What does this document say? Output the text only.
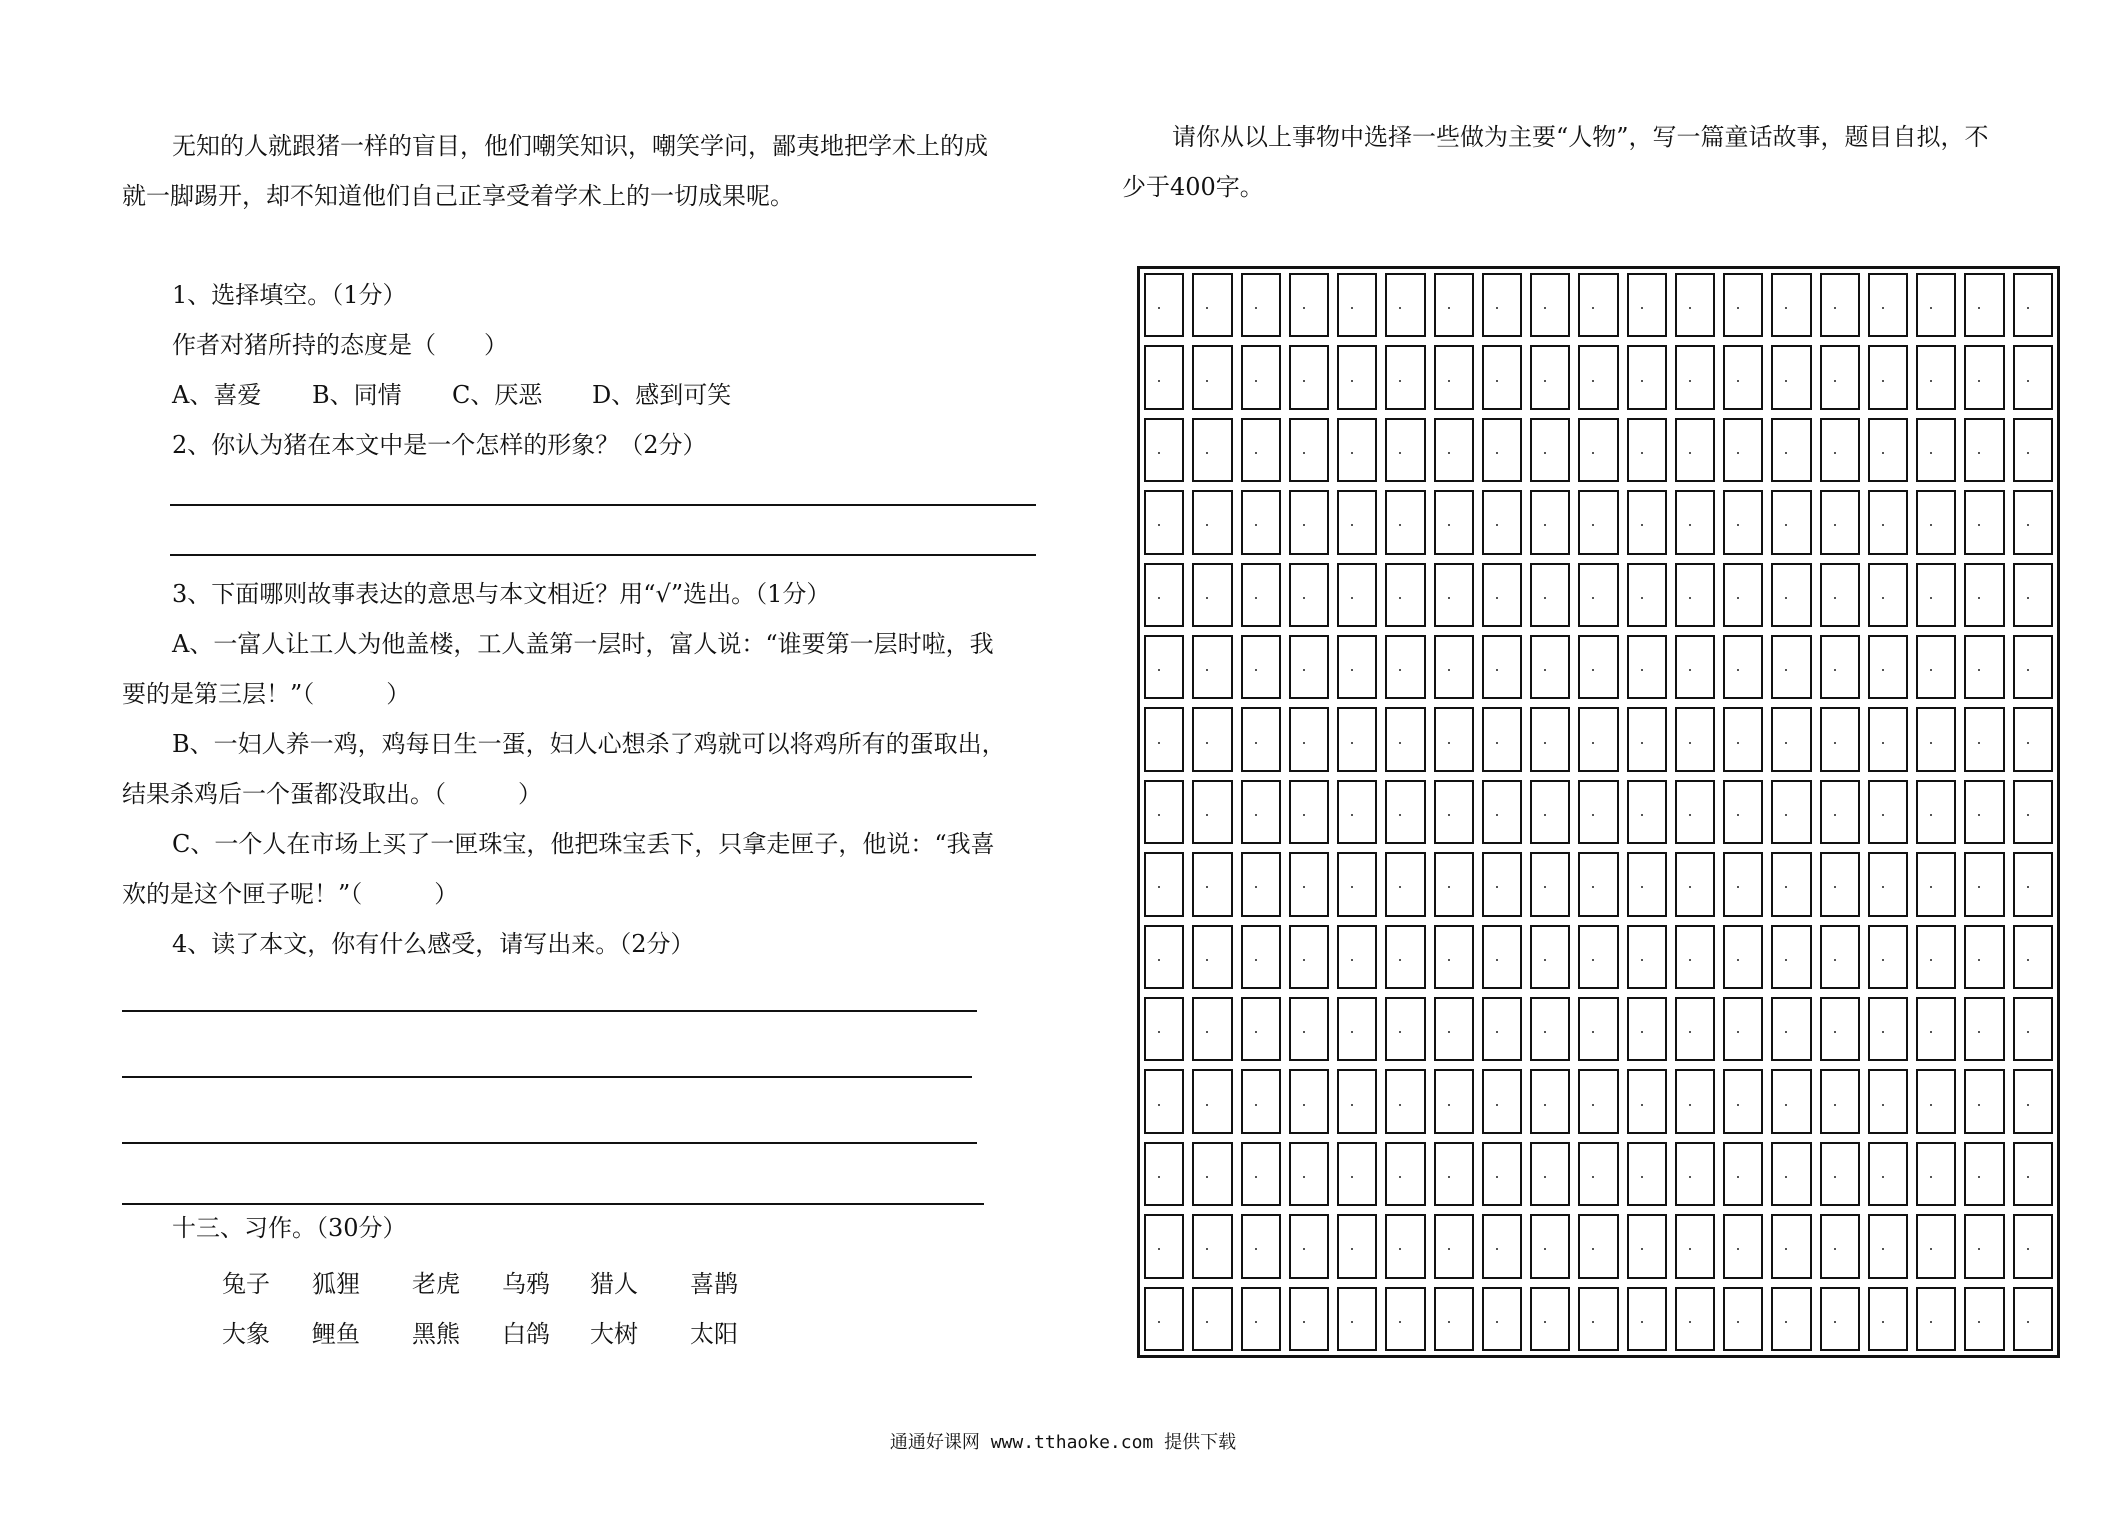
无知的人就跟猪一样的盲目，他们嘲笑知识，嘲笑学问，鄙夷地把学术上的成
就一脚踢开，却不知道他们自己正享受着学术上的一切成果呢。
1、选择填空。（1分）
作者对猪所持的态度是（　　）
A、喜爱 B、同情 C、厌恶 D、感到可笑
2、你认为猪在本文中是一个怎样的形象？（2分）
3、下面哪则故事表达的意思与本文相近？用“√”选出。（1分）
A、一富人让工人为他盖楼，工人盖第一层时，富人说：“谁要第一层时啦，我
要的是第三层！”（　　　）
B、一妇人养一鸡，鸡每日生一蛋，妇人心想杀了鸡就可以将鸡所有的蛋取出，
结果杀鸡后一个蛋都没取出。（　　　）
C、一个人在市场上买了一匣珠宝，他把珠宝丢下，只拿走匣子，他说：“我喜
欢的是这个匣子呢！”（　　　）
4、读了本文，你有什么感受，请写出来。（2分）
十三、习作。（30分）
兔子 狐狸 老虎 乌鸦 猎人 喜鹊
大象 鲤鱼 黑熊 白鸽 大树 太阳
请你从以上事物中选择一些做为主要“人物”，写一篇童话故事，题目自拟，不
少于400字。
通通好课网 www.tthaoke.com 提供下载
